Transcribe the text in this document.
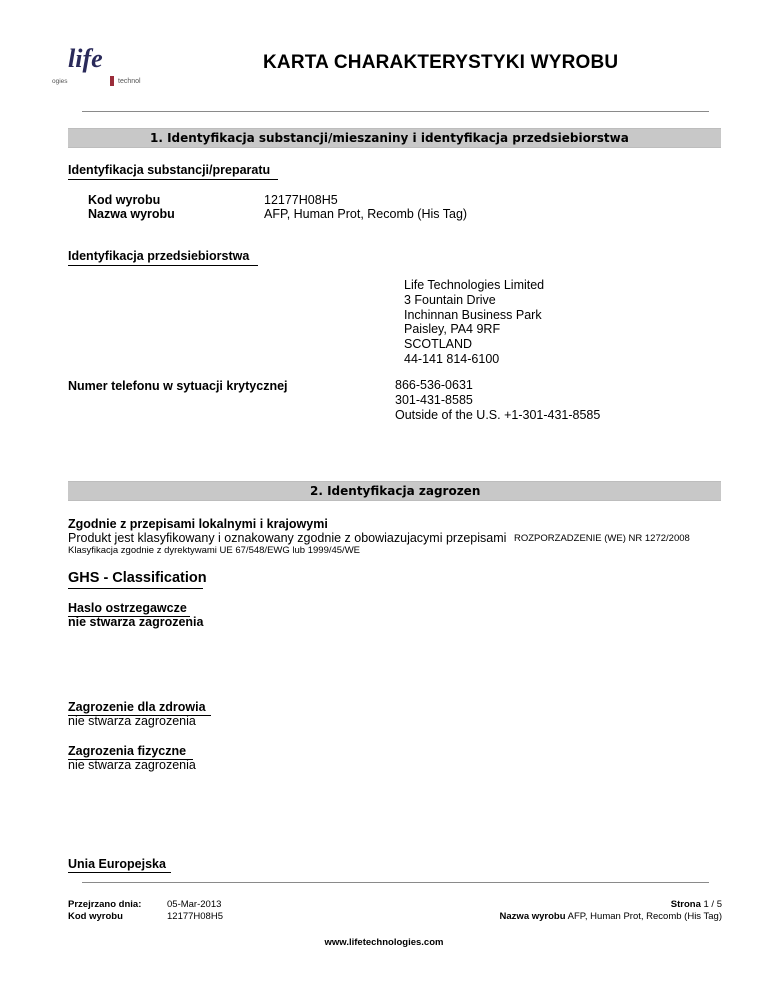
life
ogies	technol
KARTA CHARAKTERYSTYKI WYROBU
1. Identyfikacja substancji/mieszaniny i identyfikacja przedsiebiorstwa
Identyfikacja substancji/preparatu
Kod wyrobu	12177H08H5
Nazwa wyrobu	AFP, Human Prot, Recomb (His Tag)
Identyfikacja przedsiebiorstwa
Life Technologies Limited
3 Fountain Drive
Inchinnan Business Park
Paisley, PA4 9RF
SCOTLAND
44-141 814-6100
Numer telefonu w sytuacji krytycznej	866-536-0631
301-431-8585
Outside of the U.S. +1-301-431-8585
2. Identyfikacja zagrozen
Zgodnie z przepisami lokalnymi i krajowymi
Produkt jest klasyfikowany i oznakowany zgodnie z obowiazujacymi przepisami ROZPORZADZENIE (WE) NR 1272/2008
Klasyfikacja zgodnie z dyrektywami UE 67/548/EWG lub 1999/45/WE
GHS - Classification
Haslo ostrzegawcze
nie stwarza zagrozenia
Zagrozenie dla zdrowia
nie stwarza zagrozenia
Zagrozenia fizyczne
nie stwarza zagrozenia
Unia Europejska
Przejrzano dnia:	05-Mar-2013
Kod wyrobu	12177H08H5
Strona 1 / 5
Nazwa wyrobu AFP, Human Prot, Recomb (His Tag)
www.lifetechnologies.com
